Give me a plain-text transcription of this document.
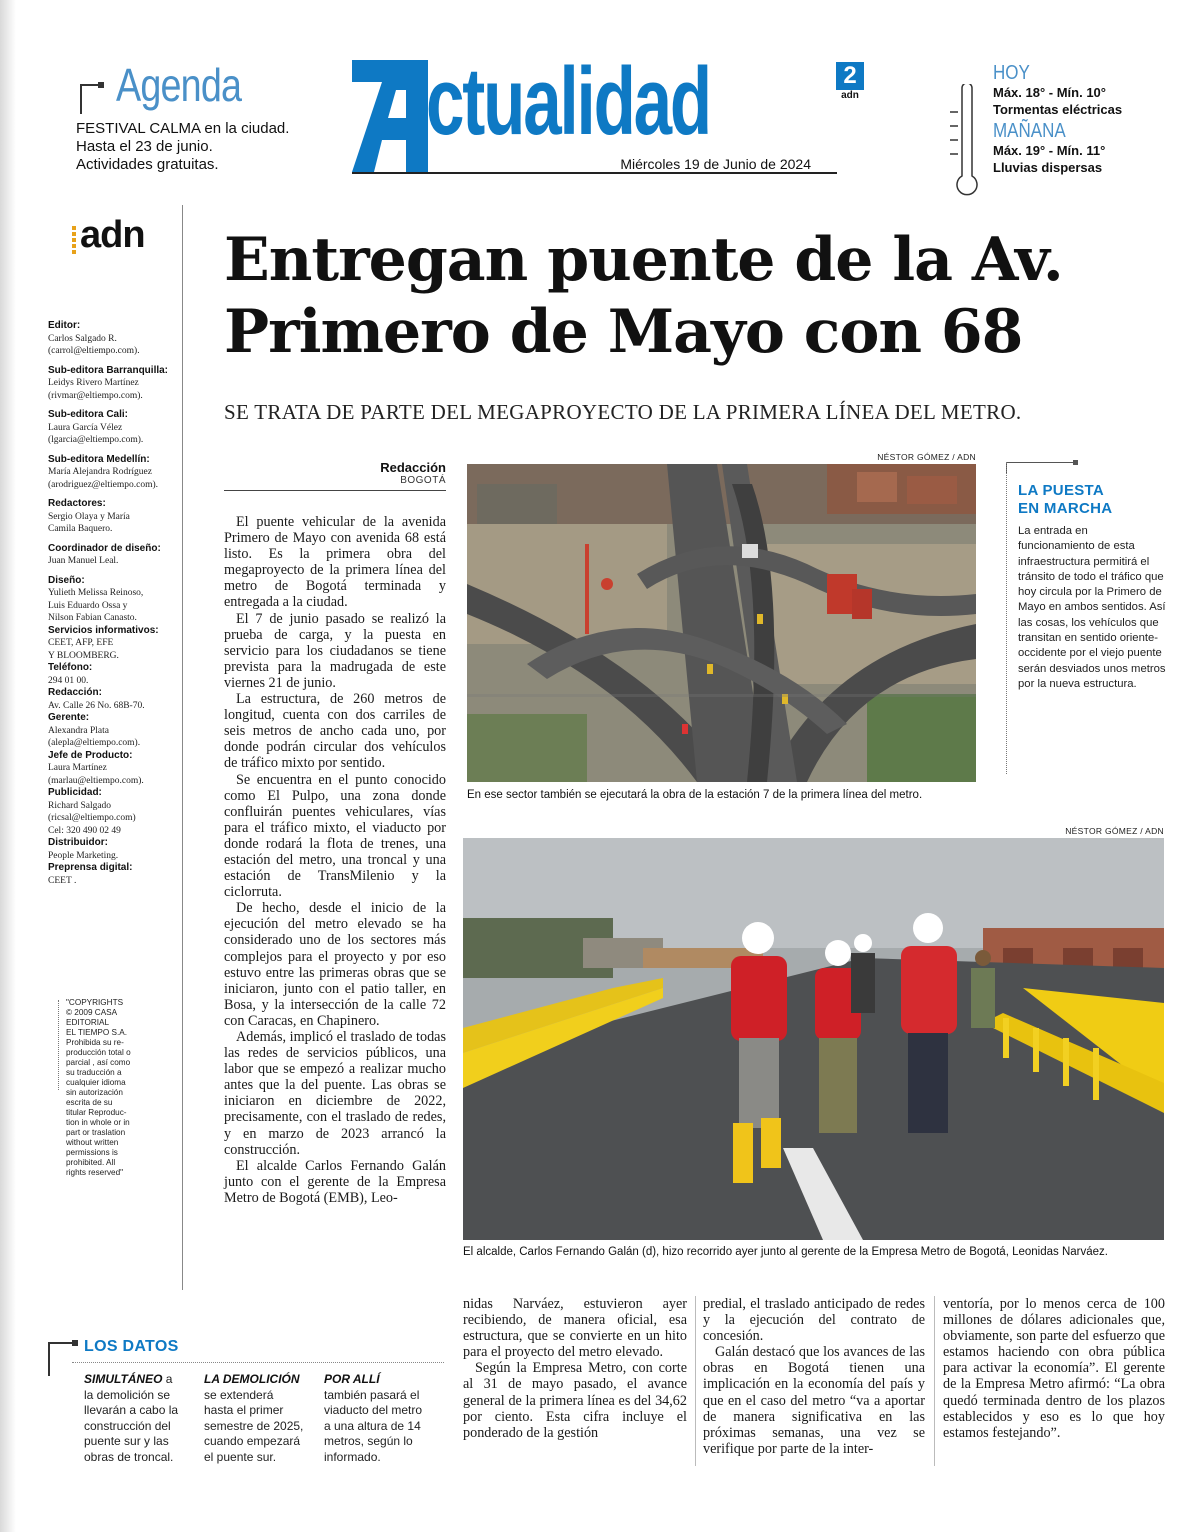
Agenda
FESTIVAL CALMA en la ciudad.
Hasta el 23 de junio.
Actividades gratuitas.
ctualidad	2
adn
Miércoles 19 de Junio de 2024
HOY
Máx. 18° - Mín. 10°
Tormentas eléctricas
MAÑANA
Máx. 19° - Mín. 11°
Lluvias dispersas
adn
Editor:
Carlos Salgado R.
(carrol@eltiempo.com).
Sub-editora Barranquilla:
Leidys Rivero Martínez
(rivmar@eltiempo.com).
Sub-editora Cali:
Laura García Vélez
(lgarcia@eltiempo.com).
Sub-editora Medellín:
María Alejandra Rodríguez
(arodriguez@eltiempo.com).
Redactores:
Sergio Olaya y María
Camila Baquero.
Coordinador de diseño:
Juan Manuel Leal.
Diseño:
Yulieth Melissa Reinoso,
Luis Eduardo Ossa y
Nilson Fabian Canasto.
Servicios informativos:
CEET, AFP, EFE
Y BLOOMBERG.
Teléfono:
294 01 00.
Redacción:
Av. Calle 26 No. 68B-70.
Gerente:
Alexandra Plata
(alepla@eltiempo.com).
Jefe de Producto:
Laura Martínez
(marlau@eltiempo.com).
Publicidad:
Richard Salgado
(ricsal@eltiempo.com)
Cel: 320 490 02 49
Distribuidor:
People Marketing.
Preprensa digital:
CEET .
"COPYRIGHTS
© 2009 CASA
EDITORIAL
EL TIEMPO S.A.
Prohibida su re-
producción total o
parcial , así como
su traducción a
cualquier idioma
sin autorización
escrita de su
titular Reproduc-
tion in whole or in
part or traslation
without written
permissions is
prohibited. All
rights reserved"
Entregan puente de la Av.
Primero de Mayo con 68
SE TRATA DE PARTE DEL MEGAPROYECTO DE LA PRIMERA LÍNEA DEL METRO.
Redacción
BOGOTÁ

El puente vehicular de la avenida Primero de Mayo con avenida 68 está listo. Es la primera obra del megaproyecto de la primera línea del metro de Bogotá terminada y entregada a la ciudad.

El 7 de junio pasado se realizó la prueba de carga, y la puesta en servicio para los ciudadanos se tiene prevista para la madrugada de este viernes 21 de junio.

La estructura, de 260 metros de longitud, cuenta con dos carriles de seis metros de ancho cada uno, por donde podrán circular dos vehículos de tráfico mixto por sentido.

Se encuentra en el punto conocido como El Pulpo, una zona donde confluirán puentes vehiculares, vías para el tráfico mixto, el viaducto por donde rodará la flota de trenes, una estación del metro, una troncal y una estación de TransMilenio y la ciclorruta.

De hecho, desde el inicio de la ejecución del metro elevado se ha considerado uno de los sectores más complejos para el proyecto y por eso estuvo entre las primeras obras que se iniciaron, junto con el patio taller, en Bosa, y la intersección de la calle 72 con Caracas, en Chapinero.

Además, implicó el traslado de todas las redes de servicios públicos, una labor que se empezó a realizar mucho antes que la del puente. Las obras se iniciaron en diciembre de 2022, precisamente, con el traslado de redes, y en marzo de 2023 arrancó la construcción.

El alcalde Carlos Fernando Galán junto con el gerente de la Empresa Metro de Bogotá (EMB), Leo-

nidas Narváez, estuvieron ayer recibiendo, de manera oficial, esa estructura, que se convierte en un hito para el proyecto del metro elevado.

Según la Empresa Metro, con corte al 31 de mayo pasado, el avance general de la primera línea es del 34,62 por ciento. Esta cifra incluye el ponderado de la gestión

predial, el traslado anticipado de redes y la ejecución del contrato de concesión.

Galán destacó que los avances de las obras en Bogotá tienen una implicación en la economía del país y que en el caso del metro “va a aportar de manera significativa en las próximas semanas, una vez se verifique por parte de la inter-

ventoría, por lo menos cerca de 100 millones de dólares adicionales que, obviamente, son parte del esfuerzo que estamos haciendo con obra pública para activar la economía”. El gerente de la Empresa Metro afirmó: “La obra quedó terminada dentro de los plazos establecidos y eso es lo que hoy estamos festejando”.

NÉSTOR GÓMEZ / ADN
En ese sector también se ejecutará la obra de la estación 7 de la primera línea del metro.
LA PUESTA
EN MARCHA
La entrada en funcionamiento de esta infraestructura permitirá el tránsito de todo el tráfico que hoy circula por la Primero de Mayo en ambos sentidos. Así las cosas, los vehículos que transitan en sentido oriente-occidente por el viejo puente serán desviados unos metros por la nueva estructura.
NÉSTOR GÓMEZ / ADN
El alcalde, Carlos Fernando Galán (d), hizo recorrido ayer junto al gerente de la Empresa Metro de Bogotá, Leonidas Narváez.
LOS DATOS
SIMULTÁNEO a la demolición se llevarán a cabo la construcción del puente sur y las obras de troncal.
LA DEMOLICIÓN se extenderá hasta el primer semestre de 2025, cuando empezará el puente sur.
POR ALLÍ también pasará el viaducto del metro a una altura de 14 metros, según lo informado.
